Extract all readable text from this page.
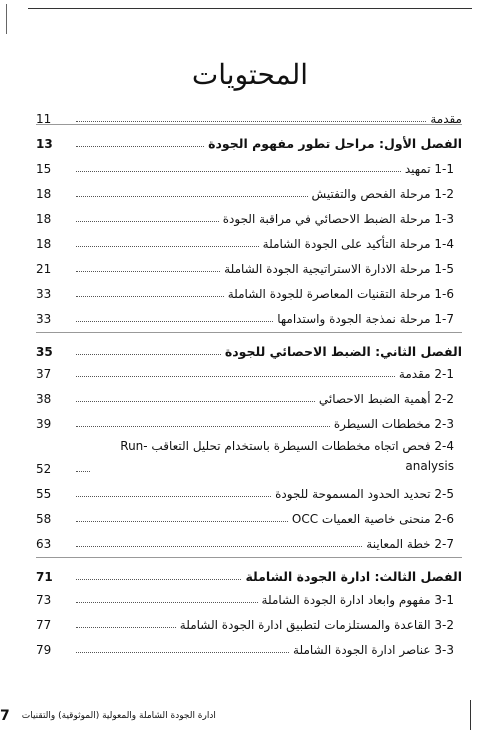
المحتويات
مقدمة
11
الفصل الأول: مراحل تطور مفهوم الجودة
13
1-1 تمهيد
15
1-2 مرحلة الفحص والتفتيش
18
1-3 مرحلة الضبط الاحصائي في مراقبة الجودة
18
1-4 مرحلة التأكيد على الجودة الشاملة
18
1-5 مرحلة الادارة الاستراتيجية الجودة الشاملة
21
1-6 مرحلة التقنيات المعاصرة للجودة الشاملة
33
1-7 مرحلة نمذجة الجودة واستدامها
33
الفصل الثاني: الضبط الاحصائي للجودة
35
2-1 مقدمة
37
2-2 أهمية الضبط الاحصائي
38
2-3 مخططات السيطرة
39
2-4 فحص اتجاه مخططات السيطرة باستخدام تحليل التعاقب Run-analysis
52
2-5 تحديد الحدود المسموحة للجودة
55
2-6 منحنى خاصية العميات OCC
58
2-7 خطة المعاينة
63
الفصل الثالث: ادارة الجودة الشاملة
71
3-1 مفهوم وابعاد ادارة الجودة الشاملة
73
3-2 القاعدة والمستلزمات لتطبيق ادارة الجودة الشاملة
77
3-3 عناصر ادارة الجودة الشاملة
79
ادارة الجودة الشاملة والمعولية (الموثوقية) والتقنيات
7
